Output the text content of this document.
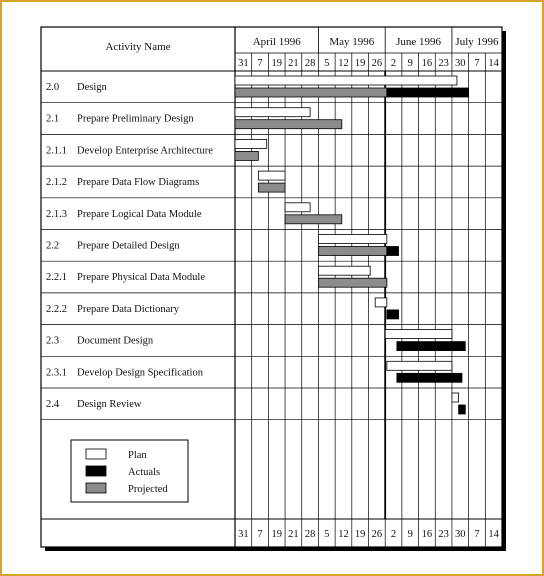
Activity Name	April 1996	May 1996 June 1996 July 1996
31
31
7
7
19
19
21
21
28
28
5
5
12
12
19
19
26
26
2
2
9
9
16
16
23
23
30
30
7
7
14
14
2.0 Design
2.1 Prepare Preliminary Design
2.1.1 Develop Enterprise Architecture
2.1.2 Prepare Data Flow Diagrams
2.1.3 Prepare Logical Data Module
2.2 Prepare Detailed Design
2.2.1 Prepare Physical Data Module
2.2.2 Prepare Data Dictionary
2.3 Document Design
2.3.1 Develop Design Specification
2.4 Design Review
Plan
Actuals
Projected
